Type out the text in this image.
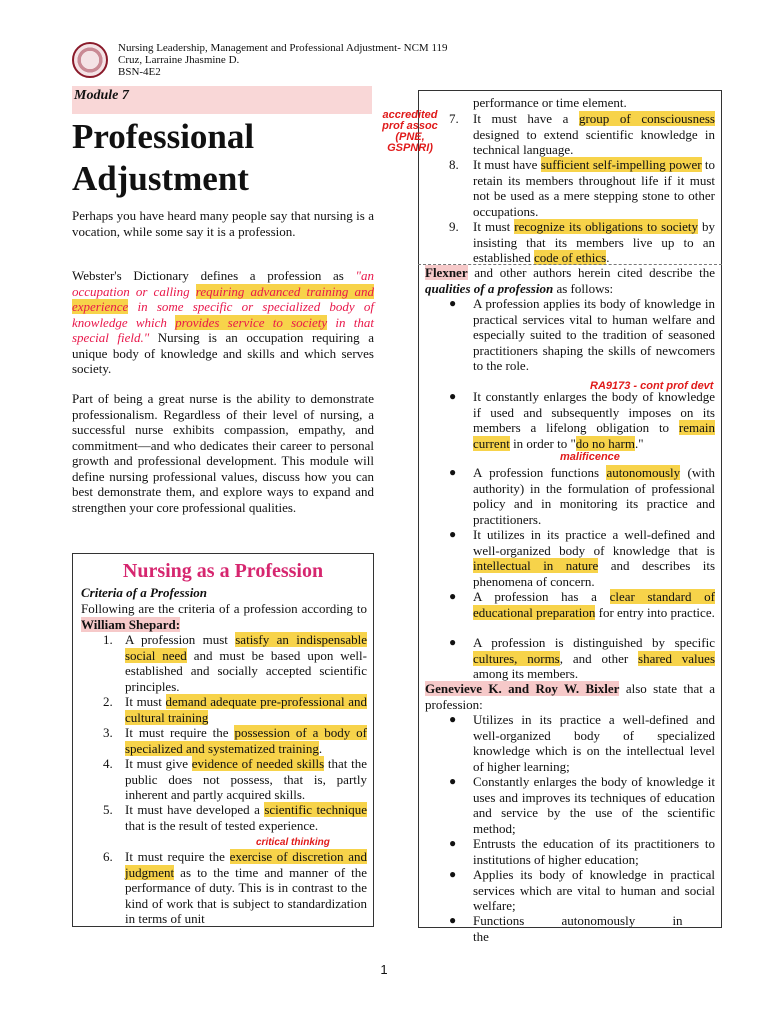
Nursing Leadership, Management and Professional Adjustment- NCM 119
Cruz, Larraine Jhasmine D.
BSN-4E2
Module 7
Professional
Adjustment
Perhaps you have heard many people say that nursing is a vocation, while some say it is a profession.
Webster's Dictionary defines a profession as "an occupation or calling requiring advanced training and experience in some specific or specialized body of knowledge which provides service to society in that special field." Nursing is an occupation requiring a unique body of knowledge and skills and which serves society.
Part of being a great nurse is the ability to demonstrate professionalism. Regardless of their level of nursing, a successful nurse exhibits compassion, empathy, and commitment—and who dedicates their career to personal growth and professional development. This module will define nursing professional values, discuss how you can best demonstrate them, and explore ways to expand and strengthen your core professional qualities.
Nursing as a Profession
Criteria of a Profession
Following are the criteria of a profession according to William Shepard:
1. A profession must satisfy an indispensable social need and must be based upon well-established and socially accepted scientific principles.
2. It must demand adequate pre-professional and cultural training
3. It must require the possession of a body of specialized and systematized training.
4. It must give evidence of needed skills that the public does not possess, that is, partly inherent and partly acquired skills.
5. It must have developed a scientific technique that is the result of tested experience.
6. It must require the exercise of discretion and judgment as to the time and manner of the performance of duty. This is in contrast to the kind of work that is subject to standardization in terms of unit
critical thinking
performance or time element.
7. It must have a group of consciousness designed to extend scientific knowledge in technical language.
8. It must have sufficient self-impelling power to retain its members throughout life if it must not be used as a mere stepping stone to other occupations.
9. It must recognize its obligations to society by insisting that its members live up to an established code of ethics.
Flexner and other authors herein cited describe the qualities of a profession as follows:
● A profession applies its body of knowledge in practical services vital to human welfare and especially suited to the tradition of seasoned practitioners shaping the skills of newcomers to the role.
● It constantly enlarges the body of knowledge if used and subsequently imposes on its members a lifelong obligation to remain current in order to "do no harm."
● A profession functions autonomously (with authority) in the formulation of professional policy and in monitoring its practice and practitioners.
● It utilizes in its practice a well-defined and well-organized body of knowledge that is intellectual in nature and describes its phenomena of concern.
● A profession has a clear standard of educational preparation for entry into practice.
● A profession is distinguished by specific cultures, norms, and other shared values among its members.
Genevieve K. and Roy W. Bixler also state that a profession:
● Utilizes in its practice a well-defined and well-organized body of specialized knowledge which is on the intellectual level of higher learning;
● Constantly enlarges the body of knowledge it uses and improves its techniques of education and service by the use of the scientific method;
● Entrusts the education of its practitioners to institutions of higher education;
● Applies its body of knowledge in practical services which are vital to human and social welfare;
● Functions autonomously in the
accredited
prof assoc
(PNE,
GSPNRI)
RA9173 - cont prof devt
malificence
1
